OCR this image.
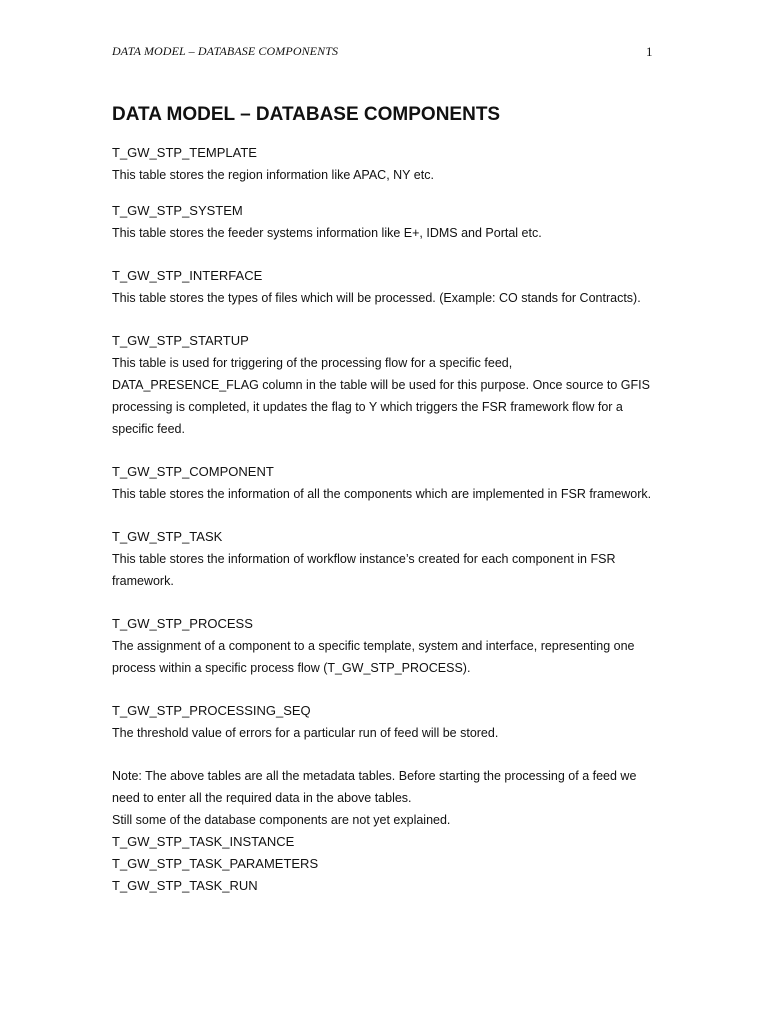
DATA MODEL – DATABASE COMPONENTS	1
DATA MODEL – DATABASE COMPONENTS

T_GW_STP_TEMPLATE

This table stores the region information like APAC, NY etc.

T_GW_STP_SYSTEM

This table stores the feeder systems information like E+, IDMS and Portal etc.

T_GW_STP_INTERFACE

This table stores the types of files which will be processed. (Example: CO stands for Contracts).

T_GW_STP_STARTUP

This table is used for triggering of the processing flow for a specific feed,

DATA_PRESENCE_FLAG column in the table will be used for this purpose. Once source to GFIS

processing is completed, it updates the flag to Y which triggers the FSR framework flow for a

specific feed.

T_GW_STP_COMPONENT

This table stores the information of all the components which are implemented in FSR framework.

T_GW_STP_TASK

This table stores the information of workflow instance’s created for each component in FSR

framework.

T_GW_STP_PROCESS

The assignment of a component to a specific template, system and interface, representing one

process within a specific process flow (T_GW_STP_PROCESS).

T_GW_STP_PROCESSING_SEQ

The threshold value of errors for a particular run of feed will be stored.

Note: The above tables are all the metadata tables. Before starting the processing of a feed we

need to enter all the required data in the above tables.

Still some of the database components are not yet explained.

T_GW_STP_TASK_INSTANCE

T_GW_STP_TASK_PARAMETERS

T_GW_STP_TASK_RUN
